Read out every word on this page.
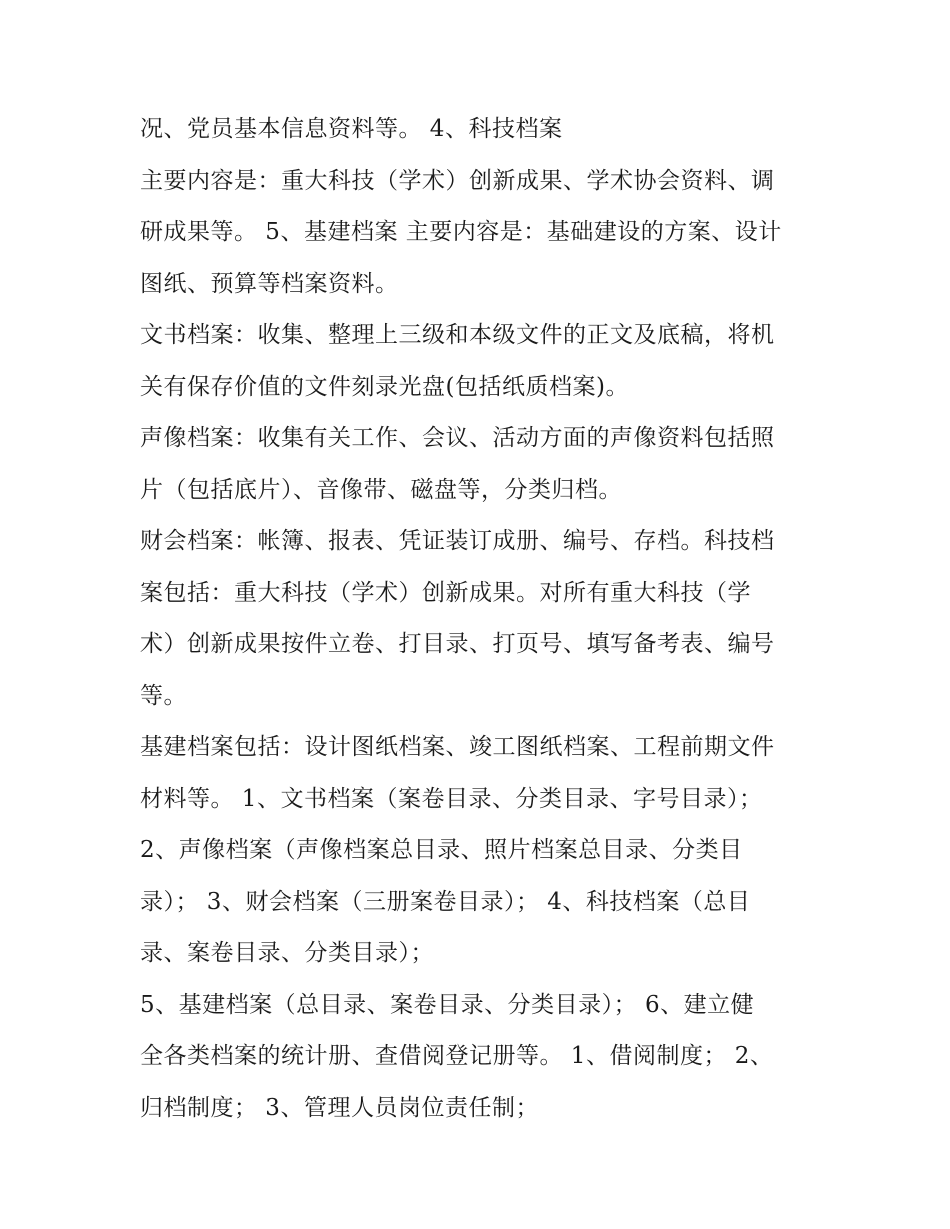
况、党员基本信息资料等。 4、科技档案
主要内容是：重大科技（学术）创新成果、学术协会资料、调
研成果等。 5、基建档案 主要内容是：基础建设的方案、设计
图纸、预算等档案资料。
文书档案：收集、整理上三级和本级文件的正文及底稿，将机
关有保存价值的文件刻录光盘(包括纸质档案)。
声像档案：收集有关工作、会议、活动方面的声像资料包括照
片（包括底片）、音像带、磁盘等，分类归档。
财会档案：帐簿、报表、凭证装订成册、编号、存档。科技档
案包括：重大科技（学术）创新成果。对所有重大科技（学
术）创新成果按件立卷、打目录、打页号、填写备考表、编号
等。
基建档案包括：设计图纸档案、竣工图纸档案、工程前期文件
材料等。 1、文书档案（案卷目录、分类目录、字号目录）；
2、声像档案（声像档案总目录、照片档案总目录、分类目
录）； 3、财会档案（三册案卷目录）； 4、科技档案（总目
录、案卷目录、分类目录）；
5、基建档案（总目录、案卷目录、分类目录）； 6、建立健
全各类档案的统计册、查借阅登记册等。 1、借阅制度； 2、
归档制度； 3、管理人员岗位责任制；
